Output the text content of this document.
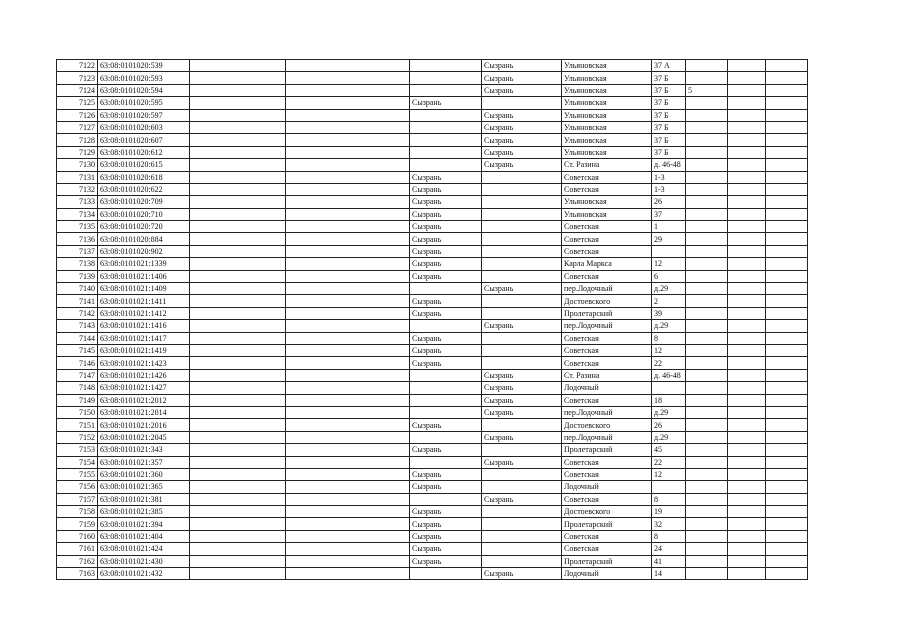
7122	63:08:0101020:539				Сызрань	Ульяновская	37 А			
7123	63:08:0101020:593				Сызрань	Ульяновская	37 Б			
7124	63:08:0101020:594				Сызрань	Ульяновская	37 Б	5		
7125	63:08:0101020:595			Сызрань		Ульяновская	37 Б			
7126	63:08:0101020:597				Сызрань	Ульяновская	37 Б			
7127	63:08:0101020:603				Сызрань	Ульяновская	37 Б			
7128	63:08:0101020:607				Сызрань	Ульяновская	37 Б			
7129	63:08:0101020:612				Сызрань	Ульяновская	37 Б			
7130	63:08:0101020:615				Сызрань	Ст. Разина	д. 46-48			
7131	63:08:0101020:618			Сызрань		Советская	1-3			
7132	63:08:0101020:622			Сызрань		Советская	1-3			
7133	63:08:0101020:709			Сызрань		Ульяновская	26			
7134	63:08:0101020:710			Сызрань		Ульяновская	37			
7135	63:08:0101020:720			Сызрань		Советская	1			
7136	63:08:0101020:884			Сызрань		Советская	29			
7137	63:08:0101020:902			Сызрань		Советская				
7138	63:08:0101021:1339			Сызрань		Карла Маркса	12			
7139	63:08:0101021:1406			Сызрань		Советская	6			
7140	63:08:0101021:1409				Сызрань	пер.Лодочный	д.29			
7141	63:08:0101021:1411			Сызрань		Достоевского	2			
7142	63:08:0101021:1412			Сызрань		Пролетарский	39			
7143	63:08:0101021:1416				Сызрань	пер.Лодочный	д.29			
7144	63:08:0101021:1417			Сызрань		Советская	8			
7145	63:08:0101021:1419			Сызрань		Советская	12			
7146	63:08:0101021:1423			Сызрань		Советская	22			
7147	63:08:0101021:1426				Сызрань	Ст. Разина	д. 46-48			
7148	63:08:0101021:1427				Сызрань	Лодочный				
7149	63:08:0101021:2012				Сызрань	Советская	18			
7150	63:08:0101021:2014				Сызрань	пер.Лодочный	д.29			
7151	63:08:0101021:2016			Сызрань		Достоевского	26			
7152	63:08:0101021:2045				Сызрань	пер.Лодочный	д.29			
7153	63:08:0101021:343			Сызрань		Пролетарский	45			
7154	63:08:0101021:357				Сызрань	Советская	22			
7155	63:08:0101021:360			Сызрань		Советская	12			
7156	63:08:0101021:365			Сызрань		Лодочный				
7157	63:08:0101021:381				Сызрань	Советская	8			
7158	63:08:0101021:385			Сызрань		Достоевского	19			
7159	63:08:0101021:394			Сызрань		Пролетарский	32			
7160	63:08:0101021:404			Сызрань		Советская	8			
7161	63:08:0101021:424			Сызрань		Советская	24			
7162	63:08:0101021:430			Сызрань		Пролетарский	41			
7163	63:08:0101021:432				Сызрань	Лодочный	14			
